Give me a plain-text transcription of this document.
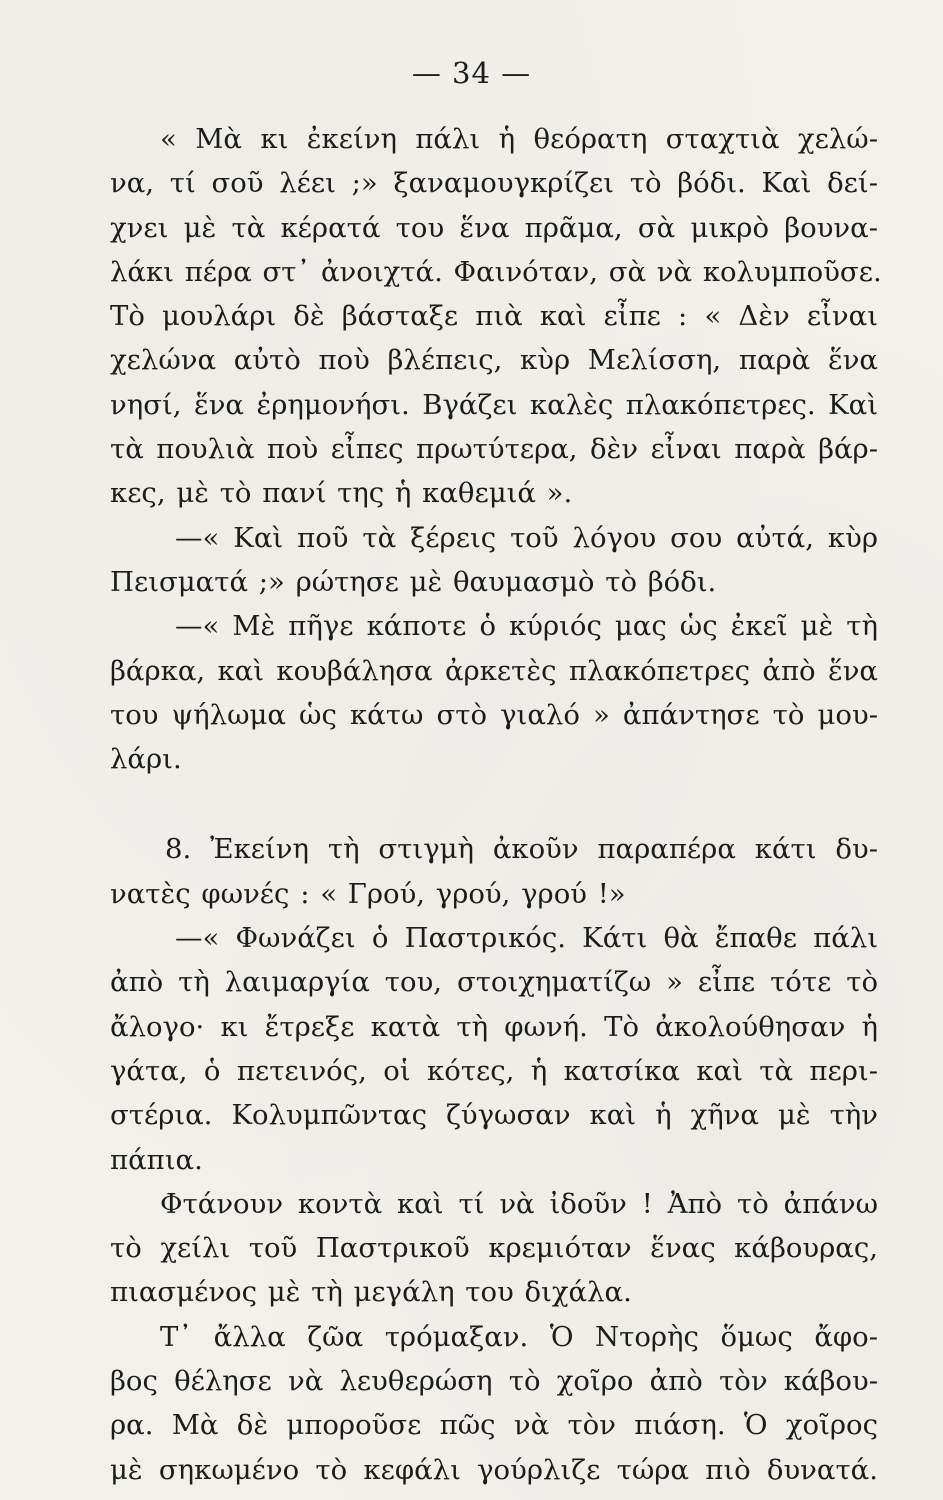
— 34 —
« Μὰ κι ἐκείνη πάλι ἡ θεόρατη σταχτιὰ χελώ-
να, τί σοῦ λέει ;» ξαναμουγκρίζει τὸ βόδι. Καὶ δεί-
χνει μὲ τὰ κέρατά του ἕνα πρᾶμα, σὰ μικρὸ βουνα-
λάκι πέρα στ᾿ ἀνοιχτά. Φαινόταν, σὰ νὰ κολυμποῦσε.
Τὸ μουλάρι δὲ βάσταξε πιὰ καὶ εἶπε : « Δὲν εἶναι
χελώνα αὐτὸ ποὺ βλέπεις, κὺρ Μελίσση, παρὰ ἕνα
νησί, ἕνα ἐρημονήσι. Βγάζει καλὲς πλακόπετρες. Καὶ
τὰ πουλιὰ ποὺ εἶπες πρωτύτερα, δὲν εἶναι παρὰ βάρ-
κες, μὲ τὸ πανί της ἡ καθεμιά ».
—« Καὶ ποῦ τὰ ξέρεις τοῦ λόγου σου αὐτά, κὺρ
Πεισματά ;» ρώτησε μὲ θαυμασμὸ τὸ βόδι.
—« Μὲ πῆγε κάποτε ὁ κύριός μας ὡς ἐκεῖ μὲ τὴ
βάρκα, καὶ κουβάλησα ἀρκετὲς πλακόπετρες ἀπὸ ἕνα
του ψήλωμα ὡς κάτω στὸ γιαλό » ἀπάντησε τὸ μου-
λάρι.
8. Ἐκείνη τὴ στιγμὴ ἀκοῦν παραπέρα κάτι δυ-
νατὲς φωνές : « Γρού, γρού, γρού !»
—« Φωνάζει ὁ Παστρικός. Κάτι θὰ ἔπαθε πάλι
ἀπὸ τὴ λαιμαργία του, στοιχηματίζω » εἶπε τότε τὸ
ἄλογο· κι ἔτρεξε κατὰ τὴ φωνή. Τὸ ἀκολούθησαν ἡ
γάτα, ὁ πετεινός, οἱ κότες, ἡ κατσίκα καὶ τὰ περι-
στέρια. Κολυμπῶντας ζύγωσαν καὶ ἡ χῆνα μὲ τὴν
πάπια.
Φτάνουν κοντὰ καὶ τί νὰ ἰδοῦν ! Ἀπὸ τὸ ἀπάνω
τὸ χείλι τοῦ Παστρικοῦ κρεμιόταν ἕνας κάβουρας,
πιασμένος μὲ τὴ μεγάλη του διχάλα.
Τ᾿ ἄλλα ζῶα τρόμαξαν. Ὁ Ντορὴς ὅμως ἄφο-
βος θέλησε νὰ λευθερώση τὸ χοῖρο ἀπὸ τὸν κάβου-
ρα. Μὰ δὲ μποροῦσε πῶς νὰ τὸν πιάση. Ὁ χοῖρος
μὲ σηκωμένο τὸ κεφάλι γούρλιζε τώρα πιὸ δυνατά.
